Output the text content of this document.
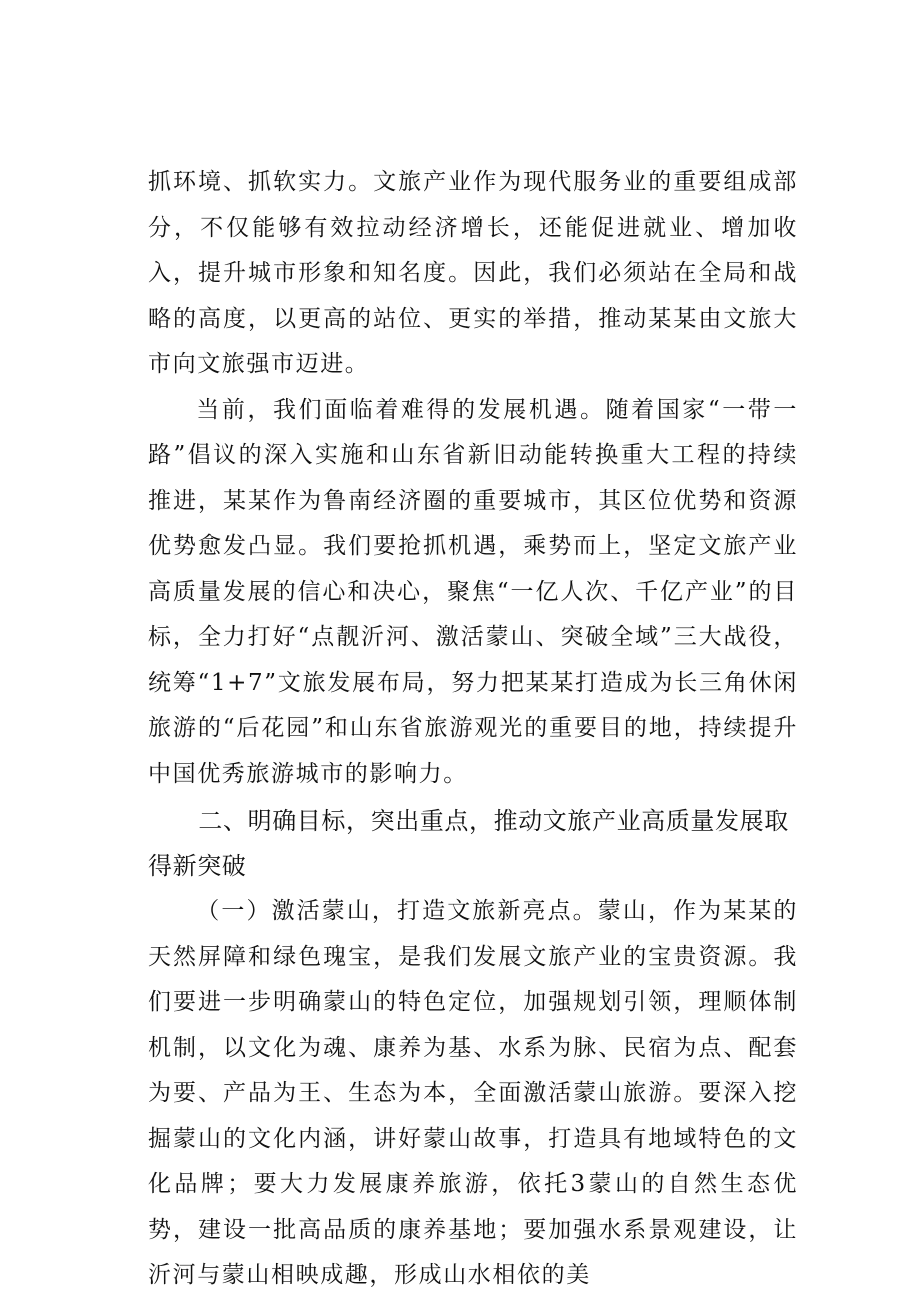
抓环境、抓软实力。文旅产业作为现代服务业的重要组成部分，不仅能够有效拉动经济增长，还能促进就业、增加收入，提升城市形象和知名度。因此，我们必须站在全局和战略的高度，以更高的站位、更实的举措，推动某某由文旅大市向文旅强市迈进。

当前，我们面临着难得的发展机遇。随着国家“一带一路”倡议的深入实施和山东省新旧动能转换重大工程的持续推进，某某作为鲁南经济圈的重要城市，其区位优势和资源优势愈发凸显。我们要抢抓机遇，乘势而上，坚定文旅产业高质量发展的信心和决心，聚焦“一亿人次、千亿产业”的目标，全力打好“点靓沂河、激活蒙山、突破全域”三大战役，统筹“1+7”文旅发展布局，努力把某某打造成为长三角休闲旅游的“后花园”和山东省旅游观光的重要目的地，持续提升中国优秀旅游城市的影响力。

二、明确目标，突出重点，推动文旅产业高质量发展取得新突破

（一）激活蒙山，打造文旅新亮点。蒙山，作为某某的天然屏障和绿色瑰宝，是我们发展文旅产业的宝贵资源。我们要进一步明确蒙山的特色定位，加强规划引领，理顺体制机制，以文化为魂、康养为基、水系为脉、民宿为点、配套为要、产品为王、生态为本，全面激活蒙山旅游。要深入挖掘蒙山的文化内涵，讲好蒙山故事，打造具有地域特色的文化品牌；要大力发展康养旅游，依托3蒙山的自然生态优势，建设一批高品质的康养基地；要加强水系景观建设，让沂河与蒙山相映成趣，形成山水相依的美
